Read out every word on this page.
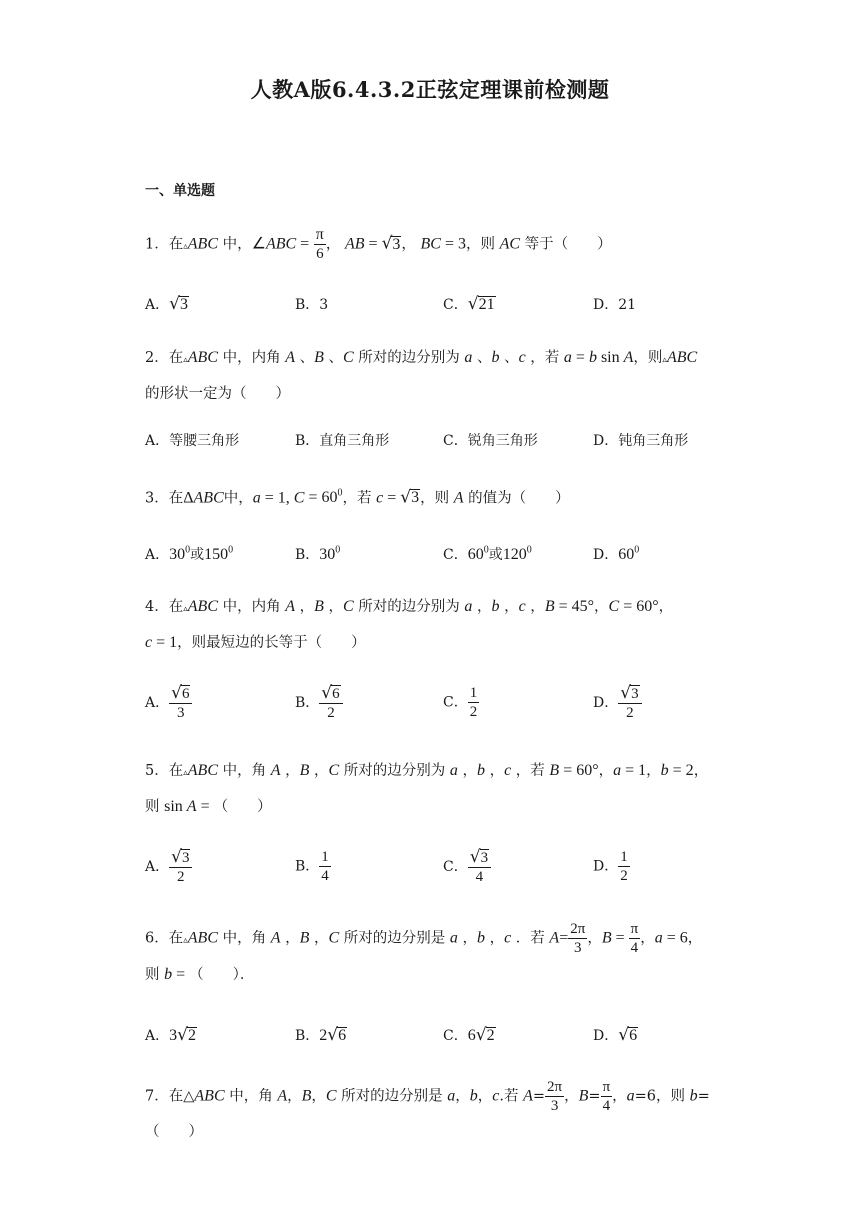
人教A版6.4.3.2正弦定理课前检测题
一、单选题
1．在▵ABC 中，∠ABC = $\frac{\pi}{6}$ ， AB = √3， BC = 3，则 AC 等于（　　）
A．√3	B．3	C．√21	D．21
2．在▵ABC 中，内角 A 、B 、C 所对的边分别为 a 、b 、c ，若 a = b sin A，则▵ABC
的形状一定为（　　）
A．等腰三角形	B．直角三角形	C．锐角三角形	D．钝角三角形
3．在ΔABC中，a = 1, $C = 60^0$，若 c = √3，则 A 的值为（　　）
A．$30^0$或$150^0$	B．$30^0$	C．$60^0$或$120^0$	D．$60^0$
4．在▵ABC 中，内角 A ，B ，C 所对的边分别为 a ，b ，c ，B = 45°，C = 60°，
c = 1，则最短边的长等于（　　）
A． $\frac{√6}{3}$	B． $\frac{√6}{2}$	C． $\frac{1}{2}$	D． $\frac{√3}{2}$
5．在▵ABC 中，角 A ，B ，C 所对的边分别为 a ，b ，c ，若 B = 60°，a = 1，b = 2，
则 sin A = （　　）
A． $\frac{√3}{2}$	B． $\frac{1}{4}$	C． $\frac{√3}{4}$	D． $\frac{1}{2}$
6．在▵ABC 中，角 A ，B ，C 所对的边分别是 a ，b ，c ．若 $A= \frac{2\pi}{3}$ ，$B = \frac{\pi}{4}$ ，a = 6，
则 b = （　　）．
A．3√2	B．2√6	C．6√2	D．√6
7．在△ABC 中，角 A，B，C 所对的边分别是 a，b，c.若 $A= \frac{2\pi}{3}$ ，$B= \frac{\pi}{4}$ ，a=6，则 b=
（　　）
